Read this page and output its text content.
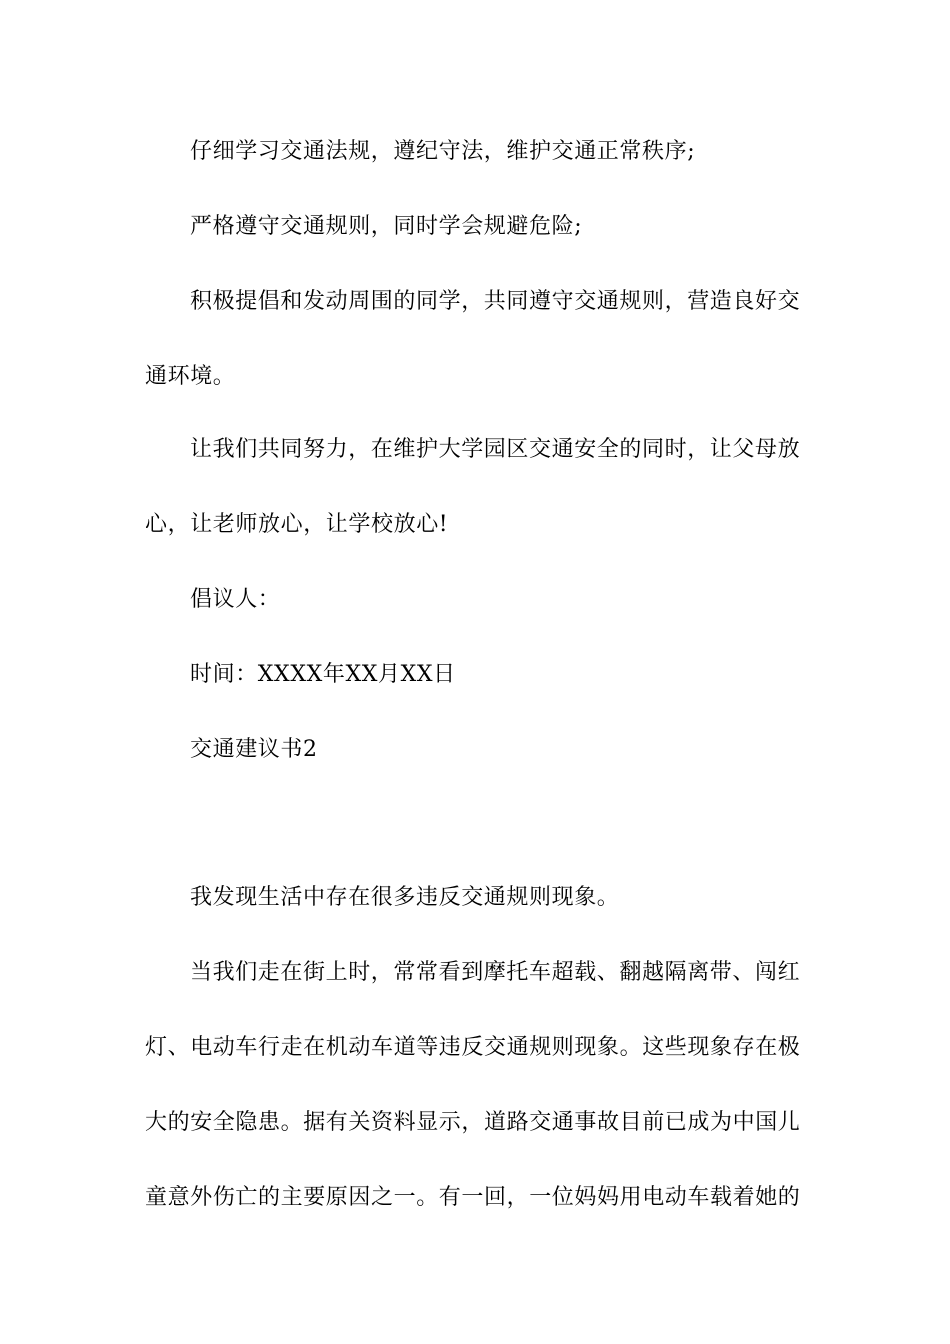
仔细学习交通法规，遵纪守法，维护交通正常秩序;
严格遵守交通规则，同时学会规避危险;
积极提倡和发动周围的同学，共同遵守交通规则，营造良好交
通环境。
让我们共同努力，在维护大学园区交通安全的同时，让父母放
心，让老师放心，让学校放心!
倡议人：
时间：XXXX年XX月XX日
交通建议书2
我发现生活中存在很多违反交通规则现象。
当我们走在街上时，常常看到摩托车超载、翻越隔离带、闯红
灯、电动车行走在机动车道等违反交通规则现象。这些现象存在极
大的安全隐患。据有关资料显示，道路交通事故目前已成为中国儿
童意外伤亡的主要原因之一。有一回，一位妈妈用电动车载着她的
